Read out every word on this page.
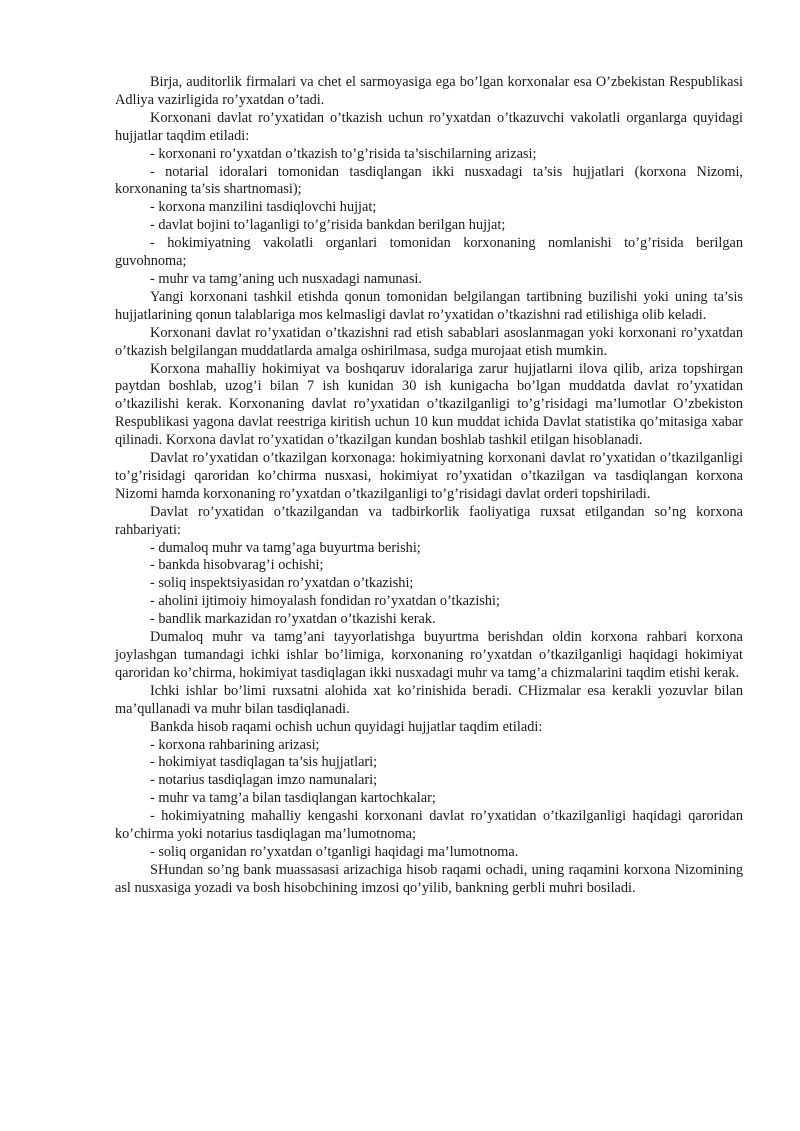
Birja, auditorlik firmalari va chet el sarmoyasiga ega bo’lgan korxonalar esa O’zbekistan Respublikasi Adliya vazirligida ro’yxatdan o’tadi.

Korxonani davlat ro’yxatidan o’tkazish uchun ro’yxatdan o’tkazuvchi vakolatli organlarga quyidagi hujjatlar taqdim etiladi:

- korxonani ro’yxatdan o’tkazish to’g’risida ta’sischilarning arizasi;

- notarial idoralari tomonidan tasdiqlangan ikki nusxadagi ta’sis hujjatlari (korxona Nizomi, korxonaning ta’sis shartnomasi);

- korxona manzilini tasdiqlovchi hujjat;

- davlat bojini to’laganligi to’g’risida bankdan berilgan hujjat;

- hokimiyatning vakolatli organlari tomonidan korxonaning nomlanishi to’g’risida berilgan guvohnoma;

- muhr va tamg’aning uch nusxadagi namunasi.

Yangi korxonani tashkil etishda qonun tomonidan belgilangan tartibning buzilishi yoki uning ta’sis hujjatlarining qonun talablariga mos kelmasligi davlat ro’yxatidan o’tkazishni rad etilishiga olib keladi.

Korxonani davlat ro’yxatidan o’tkazishni rad etish sabablari asoslanmagan yoki korxonani ro’yxatdan o’tkazish belgilangan muddatlarda amalga oshirilmasa, sudga murojaat etish mumkin.

Korxona mahalliy hokimiyat va boshqaruv idoralariga zarur hujjatlarni ilova qilib, ariza topshirgan paytdan boshlab, uzog’i bilan 7 ish kunidan 30 ish kunigacha bo’lgan muddatda davlat ro’yxatidan o’tkazilishi kerak. Korxonaning davlat ro’yxatidan o’tkazilganligi to’g’risidagi ma’lumotlar O’zbekiston Respublikasi yagona davlat reestriga kiritish uchun 10 kun muddat ichida Davlat statistika qo’mitasiga xabar qilinadi. Korxona davlat ro’yxatidan o’tkazilgan kundan boshlab tashkil etilgan hisoblanadi.

Davlat ro’yxatidan o’tkazilgan korxonaga: hokimiyatning korxonani davlat ro’yxatidan o’tkazilganligi to’g’risidagi qaroridan ko’chirma nusxasi, hokimiyat ro’yxatidan o’tkazilgan va tasdiqlangan korxona Nizomi hamda korxonaning ro’yxatdan o’tkazilganligi to’g’risidagi davlat orderi topshiriladi.

Davlat ro’yxatidan o’tkazilgandan va tadbirkorlik faoliyatiga ruxsat etilgandan so’ng korxona rahbariyati:

- dumaloq muhr va tamg’aga buyurtma berishi;

- bankda hisobvarag’i ochishi;

- soliq inspektsiyasidan ro’yxatdan o’tkazishi;

- aholini ijtimoiy himoyalash fondidan ro’yxatdan o’tkazishi;

- bandlik markazidan ro’yxatdan o’tkazishi kerak.

Dumaloq muhr va tamg’ani tayyorlatishga buyurtma berishdan oldin korxona rahbari korxona joylashgan tumandagi ichki ishlar bo’limiga, korxonaning ro’yxatdan o’tkazilganligi haqidagi hokimiyat qaroridan ko’chirma, hokimiyat tasdiqlagan ikki nusxadagi muhr va tamg’a chizmalarini taqdim etishi kerak.

Ichki ishlar bo’limi ruxsatni alohida xat ko’rinishida beradi. CHizmalar esa kerakli yozuvlar bilan ma’qullanadi va muhr bilan tasdiqlanadi.

Bankda hisob raqami ochish uchun quyidagi hujjatlar taqdim etiladi:

- korxona rahbarining arizasi;

- hokimiyat tasdiqlagan ta’sis hujjatlari;

- notarius tasdiqlagan imzo namunalari;

- muhr va tamg’a bilan tasdiqlangan kartochkalar;

- hokimiyatning mahalliy kengashi korxonani davlat ro’yxatidan o’tkazilganligi haqidagi qaroridan ko’chirma yoki notarius tasdiqlagan ma’lumotnoma;

- soliq organidan ro’yxatdan o’tganligi haqidagi ma’lumotnoma.

SHundan so’ng bank muassasasi arizachiga hisob raqami ochadi, uning raqamini korxona Nizomining asl nusxasiga yozadi va bosh hisobchining imzosi qo’yilib, bankning gerbli muhri bosiladi.
